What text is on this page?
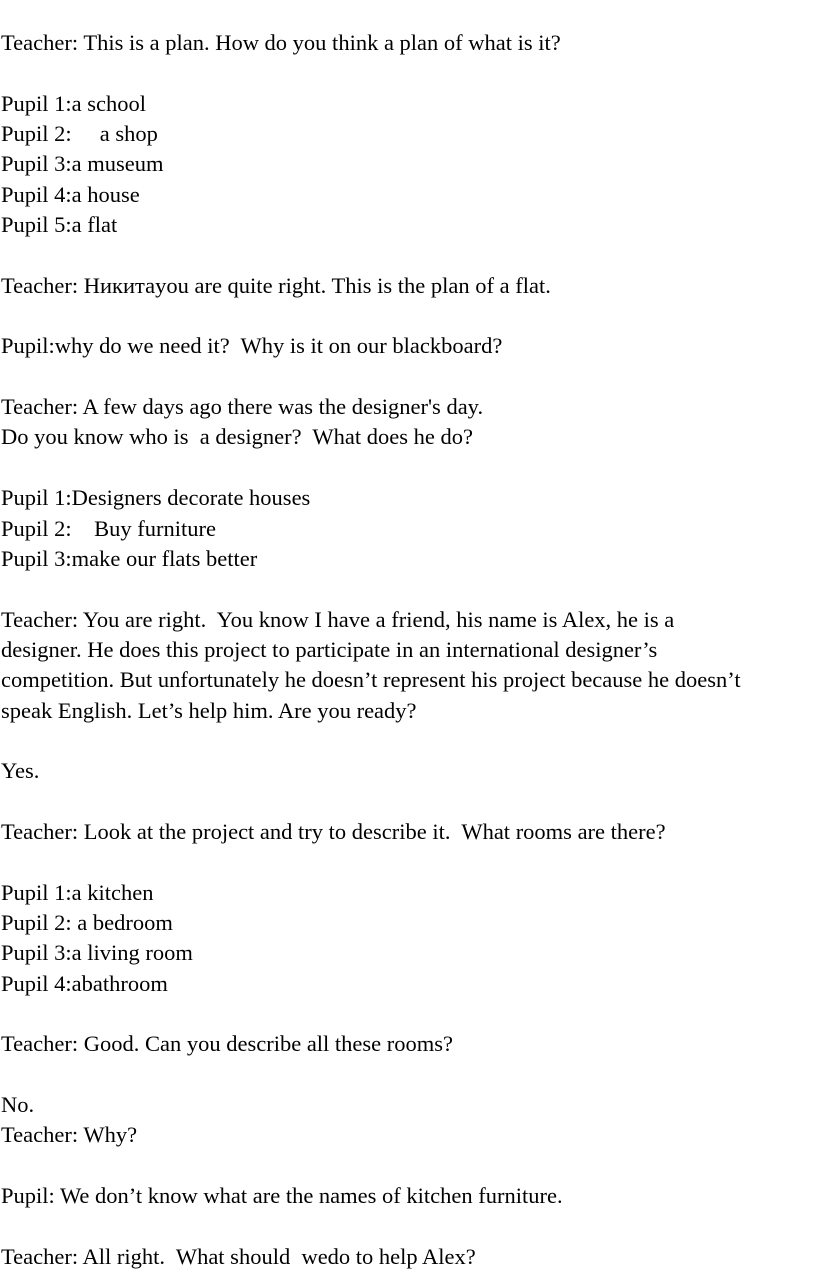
Teacher: This is a plan. How do you think a plan of what is it?
Pupil 1:a school
Pupil 2:     a shop
Pupil 3:a museum
Pupil 4:a house
Pupil 5:a flat
Teacher: Никитаyou are quite right. This is the plan of a flat.
Pupil:why do we need it?  Why is it on our blackboard?
Teacher: A few days ago there was the designer's day.
Do you know who is  a designer?  What does he do?
Pupil 1:Designers decorate houses
Pupil 2:    Buy furniture
Pupil 3:make our flats better
Teacher: You are right.  You know I have a friend, his name is Alex, he is a
designer. He does this project to participate in an international designer’s
competition. But unfortunately he doesn’t represent his project because he doesn’t
speak English. Let’s help him. Are you ready?
Yes.
Teacher: Look at the project and try to describe it.  What rooms are there?
Pupil 1:a kitchen
Pupil 2: a bedroom
Pupil 3:a living room
Pupil 4:abathroom
Teacher: Good. Can you describe all these rooms?
No.
Teacher: Why?
Pupil: We don’t know what are the names of kitchen furniture.
Teacher: All right.  What should  wedo to help Alex?
